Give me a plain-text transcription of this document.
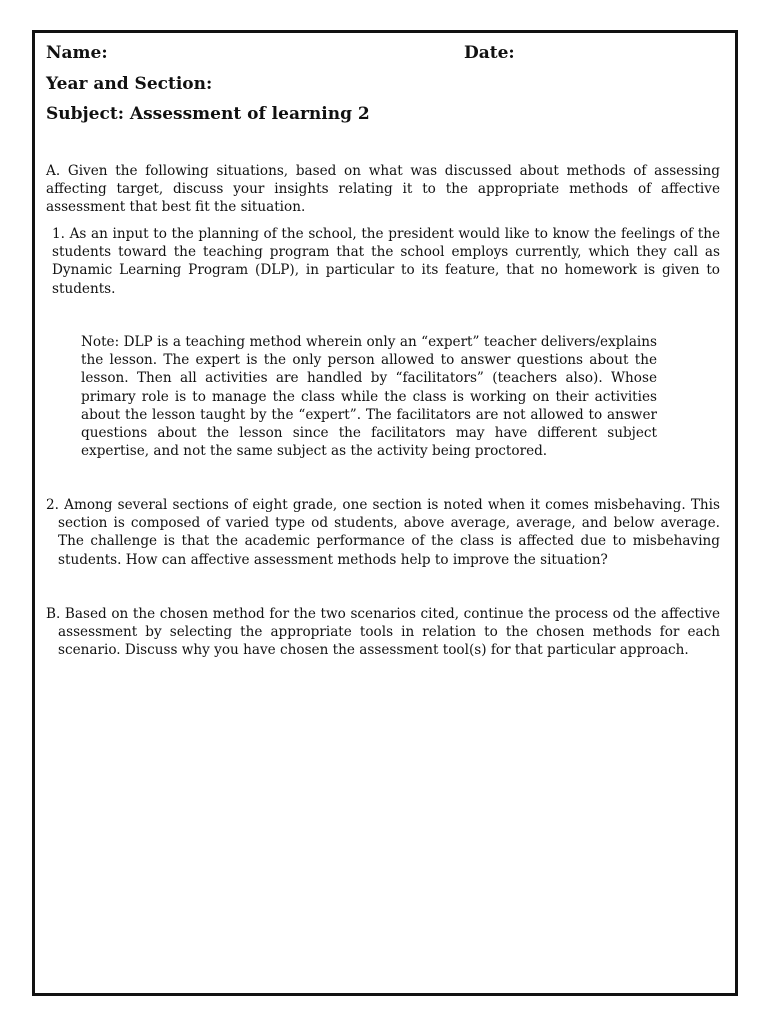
Name:	Date:
Year and Section:
Subject: Assessment of learning 2
A. Given the following situations, based on what was discussed about methods of assessing affecting target, discuss your insights relating it to the appropriate methods of affective assessment that best fit the situation.
1. As an input to the planning of the school, the president would like to know the feelings of the students toward the teaching program that the school employs currently, which they call as Dynamic Learning Program (DLP), in particular to its feature, that no homework is given to students.
Note: DLP is a teaching method wherein only an “expert” teacher delivers/explains the lesson. The expert is the only person allowed to answer questions about the lesson. Then all activities are handled by “facilitators” (teachers also). Whose primary role is to manage the class while the class is working on their activities about the lesson taught by the “expert”. The facilitators are not allowed to answer questions about the lesson since the facilitators may have different subject expertise, and not the same subject as the activity being proctored.
2. Among several sections of eight grade, one section is noted when it comes misbehaving. This section is composed of varied type od students, above average, average, and below average. The challenge is that the academic performance of the class is affected due to misbehaving students. How can affective assessment methods help to improve the situation?
B. Based on the chosen method for the two scenarios cited, continue the process od the affective assessment by selecting the appropriate tools in relation to the chosen methods for each scenario. Discuss why you have chosen the assessment tool(s) for that particular approach.
